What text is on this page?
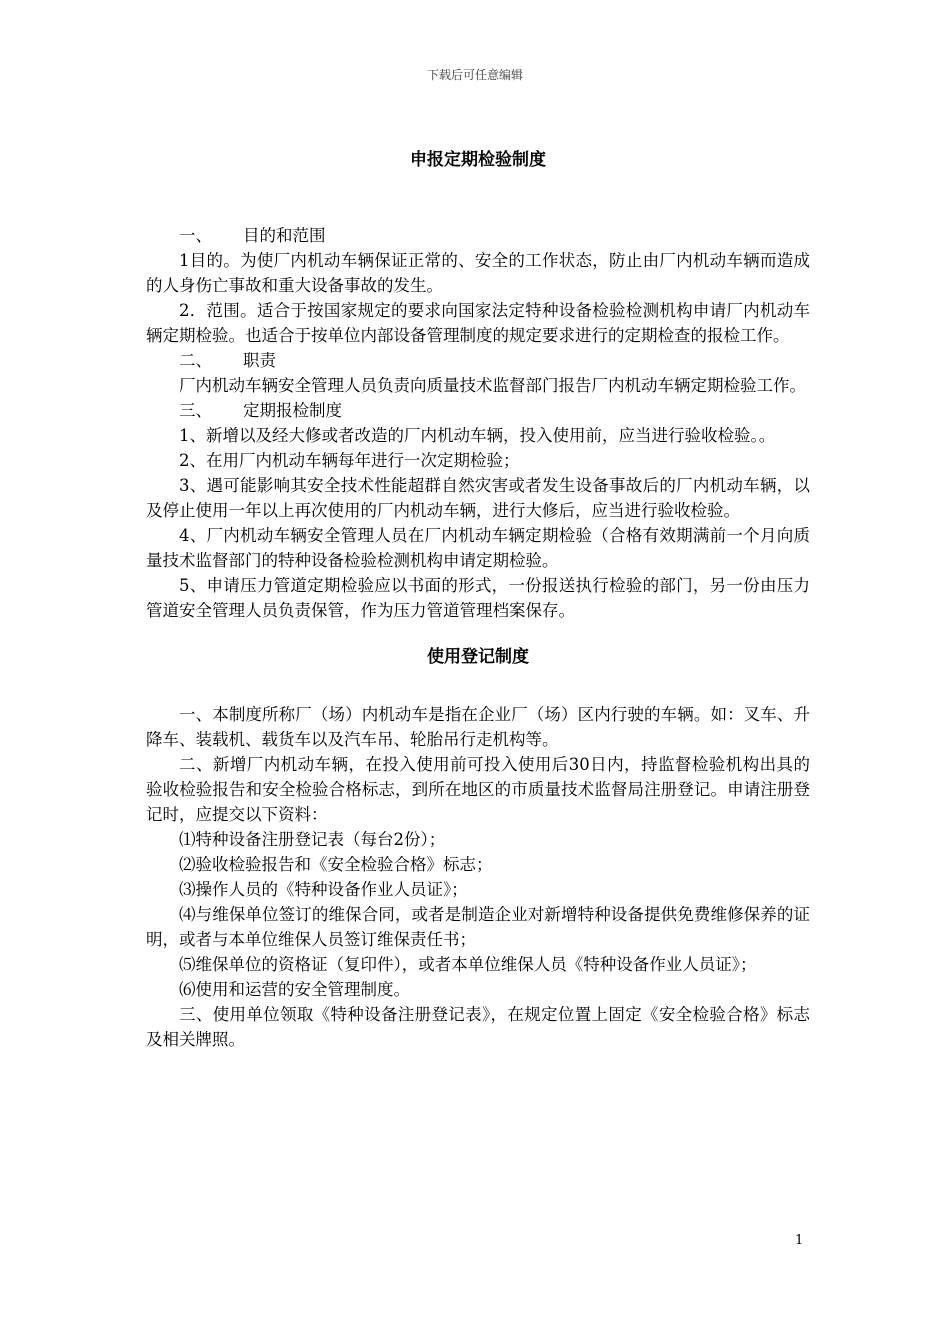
下载后可任意编辑

申报定期检验制度

一、 目的和范围

1目的。为使厂内机动车辆保证正常的、安全的工作状态，防止由厂内机动车辆而造成的人身伤亡事故和重大设备事故的发生。

2．范围。适合于按国家规定的要求向国家法定特种设备检验检测机构申请厂内机动车辆定期检验。也适合于按单位内部设备管理制度的规定要求进行的定期检查的报检工作。

二、 职责

厂内机动车辆安全管理人员负责向质量技术监督部门报告厂内机动车辆定期检验工作。

三、 定期报检制度

1、新增以及经大修或者改造的厂内机动车辆，投入使用前，应当进行验收检验。。

2、在用厂内机动车辆每年进行一次定期检验；

3、遇可能影响其安全技术性能超群自然灾害或者发生设备事故后的厂内机动车辆，以及停止使用一年以上再次使用的厂内机动车辆，进行大修后，应当进行验收检验。

4、厂内机动车辆安全管理人员在厂内机动车辆定期检验（合格有效期满前一个月向质量技术监督部门的特种设备检验检测机构申请定期检验。

5、申请压力管道定期检验应以书面的形式，一份报送执行检验的部门，另一份由压力管道安全管理人员负责保管，作为压力管道管理档案保存。

使用登记制度

一、本制度所称厂（场）内机动车是指在企业厂（场）区内行驶的车辆。如：叉车、升降车、装载机、载货车以及汽车吊、轮胎吊行走机构等。

二、新增厂内机动车辆，在投入使用前可投入使用后30日内，持监督检验机构出具的验收检验报告和安全检验合格标志，到所在地区的市质量技术监督局注册登记。申请注册登记时，应提交以下资料：

⑴特种设备注册登记表（每台2份）；

⑵验收检验报告和《安全检验合格》标志；

⑶操作人员的《特种设备作业人员证》；

⑷与维保单位签订的维保合同，或者是制造企业对新增特种设备提供免费维修保养的证明，或者与本单位维保人员签订维保责任书；

⑸维保单位的资格证（复印件），或者本单位维保人员《特种设备作业人员证》；

⑹使用和运营的安全管理制度。

三、使用单位领取《特种设备注册登记表》，在规定位置上固定《安全检验合格》标志及相关牌照。

1
